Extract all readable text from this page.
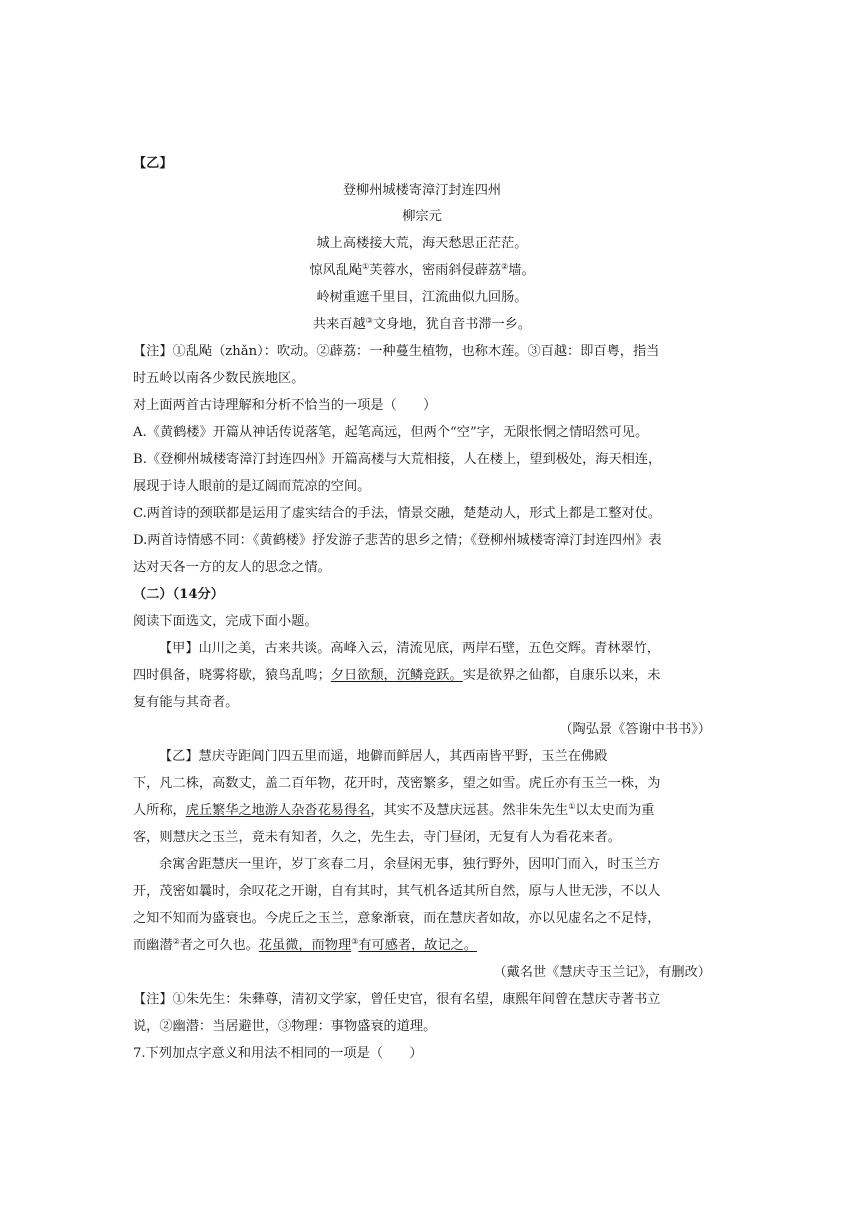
【乙】
登柳州城楼寄漳汀封连四州
柳宗元
城上高楼接大荒，海天愁思正茫茫。
惊风乱飐①芙蓉水，密雨斜侵薜荔②墙。
岭树重遮千里目，江流曲似九回肠。
共来百越③文身地，犹自音书滞一乡。
【注】①乱飐（zhǎn）：吹动。②薜荔：一种蔓生植物，也称木莲。③百越：即百粤，指当
时五岭以南各少数民族地区。
对上面两首古诗理解和分析不恰当的一项是（　　）
A.《黄鹤楼》开篇从神话传说落笔，起笔高远，但两个“空”字，无限怅惘之情昭然可见。
B.《登柳州城楼寄漳汀封连四州》开篇高楼与大荒相接，人在楼上，望到极处，海天相连，
展现于诗人眼前的是辽阔而荒凉的空间。
C.两首诗的颈联都是运用了虚实结合的手法，情景交融，楚楚动人，形式上都是工整对仗。
D.两首诗情感不同：《黄鹤楼》抒发游子悲苦的思乡之情；《登柳州城楼寄漳汀封连四州》表
达对天各一方的友人的思念之情。
（二）（14分）
阅读下面选文，完成下面小题。
【甲】山川之美，古来共谈。高峰入云，清流见底，两岸石壁，五色交辉。青林翠竹，
四时俱备，晓雾将歇，猿鸟乱鸣；夕日欲颓，沉鳞竞跃。实是欲界之仙都，自康乐以来，未
复有能与其奇者。
（陶弘景《答谢中书书》）
【乙】慧庆寺距阊门四五里而遥，地僻而鲜居人，其西南皆平野，玉兰在佛殿
下，凡二株，高数丈，盖二百年物，花开时，茂密繁多，望之如雪。虎丘亦有玉兰一株，为
人所称，虎丘繁华之地游人杂沓花易得名，其实不及慧庆远甚。然非朱先生①以太史而为重
客，则慧庆之玉兰，竟未有知者，久之，先生去，寺门昼闭，无复有人为看花来者。
余寓舍距慧庆一里许，岁丁亥春二月，余昼闲无事，独行野外，因叩门而入，时玉兰方
开，茂密如曩时，余叹花之开谢，自有其时，其气机各适其所自然，原与人世无涉，不以人
之知不知而为盛衰也。今虎丘之玉兰，意象渐衰，而在慧庆者如故，亦以见虚名之不足恃，
而幽潜②者之可久也。花虽微，而物理③有可感者，故记之。
（戴名世《慧庆寺玉兰记》，有删改）
【注】①朱先生：朱彝尊，清初文学家，曾任史官，很有名望，康熙年间曾在慧庆寺著书立
说，②幽潜：当居避世，③物理：事物盛衰的道理。
7.下列加点字意义和用法不相同的一项是（　　）
